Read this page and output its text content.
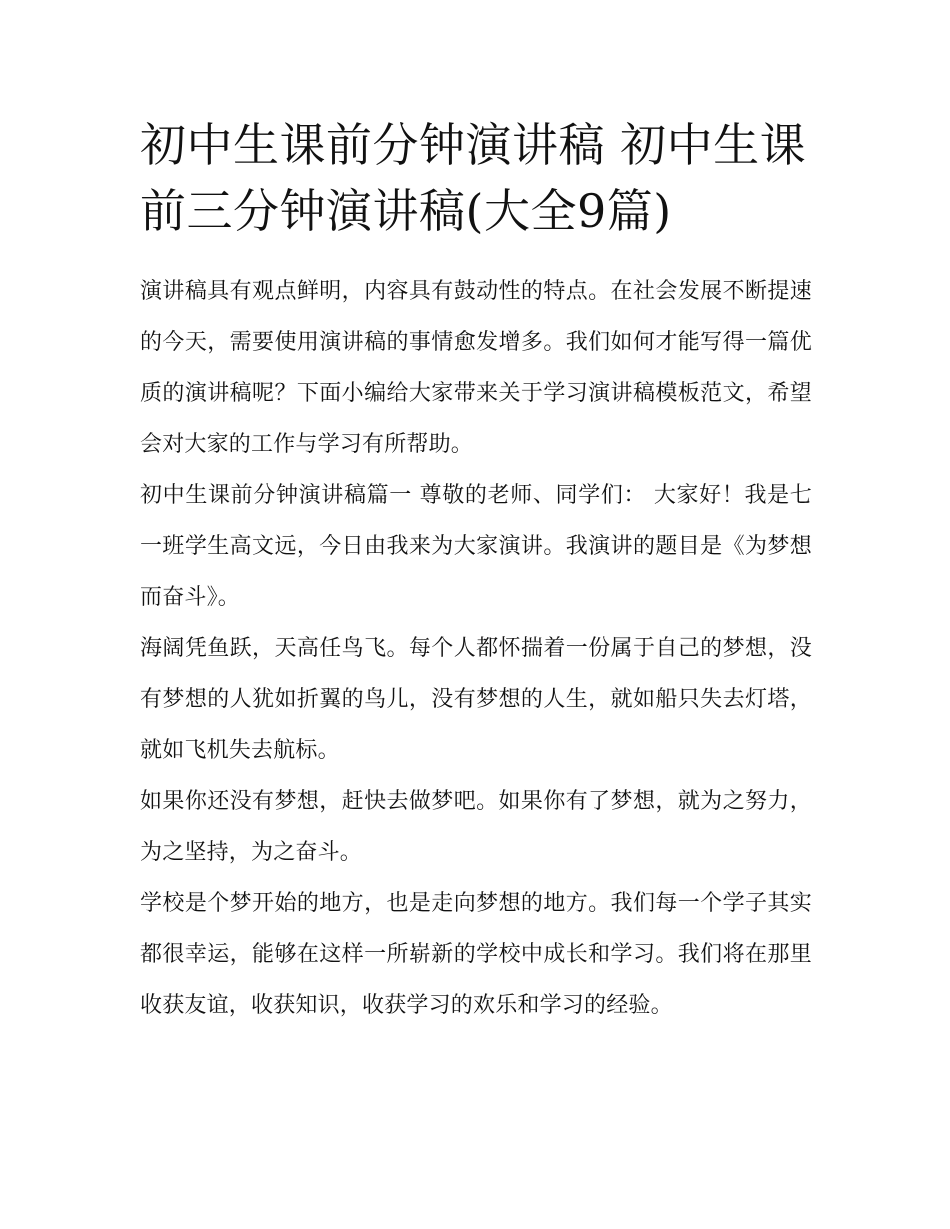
初中生课前分钟演讲稿 初中生课前三分钟演讲稿(大全9篇)

演讲稿具有观点鲜明，内容具有鼓动性的特点。在社会发展不断提速的今天，需要使用演讲稿的事情愈发增多。我们如何才能写得一篇优质的演讲稿呢？下面小编给大家带来关于学习演讲稿模板范文，希望会对大家的工作与学习有所帮助。

初中生课前分钟演讲稿篇一 尊敬的老师、同学们： 大家好！我是七一班学生高文远，今日由我来为大家演讲。我演讲的题目是《为梦想而奋斗》。

海阔凭鱼跃，天高任鸟飞。每个人都怀揣着一份属于自己的梦想，没有梦想的人犹如折翼的鸟儿，没有梦想的人生，就如船只失去灯塔，就如飞机失去航标。

如果你还没有梦想，赶快去做梦吧。如果你有了梦想，就为之努力，为之坚持，为之奋斗。

学校是个梦开始的地方，也是走向梦想的地方。我们每一个学子其实都很幸运，能够在这样一所崭新的学校中成长和学习。我们将在那里收获友谊，收获知识，收获学习的欢乐和学习的经验。
